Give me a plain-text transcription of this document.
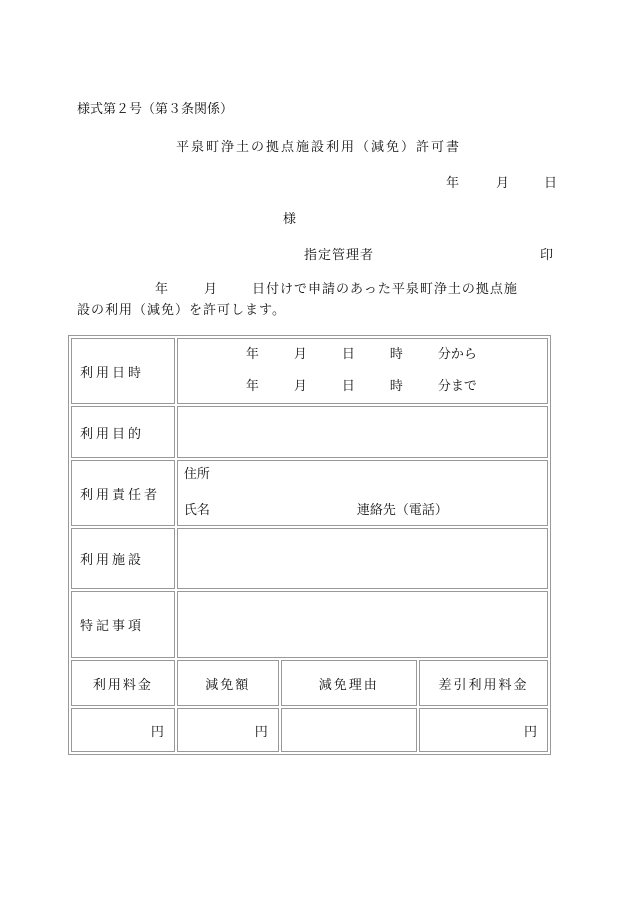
様式第２号（第３条関係）
平泉町浄土の拠点施設利用（減免）許可書
年	月	日
様
指定管理者	印
年	月	日付けで申請のあった平泉町浄土の拠点施
設の利用（減免）を許可します。
利用日時	年 月 日 時 分から
年 月 日 時 分まで		

利用目的			
利用責任者	住所
氏名 連絡先（電話）		

利用施設			
特記事項			
利用料金	減免額	減免理由	差引利用料金
円	円		円
